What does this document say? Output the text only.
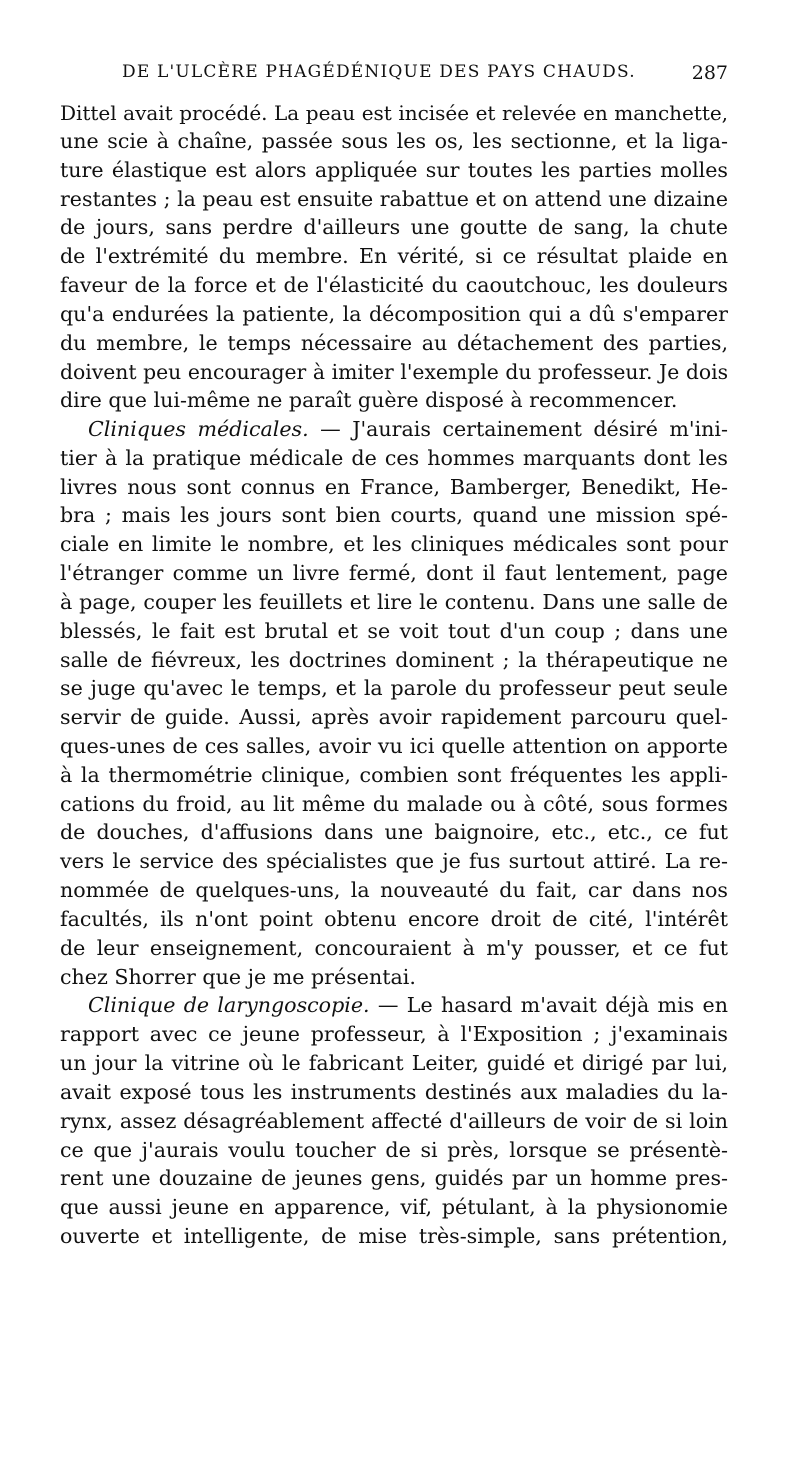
DE L'ULCÈRE PHAGÉDÉNIQUE DES PAYS CHAUDS.	287
Dittel avait procédé. La peau est incisée et relevée en manchette,
une scie à chaîne, passée sous les os, les sectionne, et la liga-
ture élastique est alors appliquée sur toutes les parties molles
restantes ; la peau est ensuite rabattue et on attend une dizaine
de jours, sans perdre d'ailleurs une goutte de sang, la chute
de l'extrémité du membre. En vérité, si ce résultat plaide en
faveur de la force et de l'élasticité du caoutchouc, les douleurs
qu'a endurées la patiente, la décomposition qui a dû s'emparer
du membre, le temps nécessaire au détachement des parties,
doivent peu encourager à imiter l'exemple du professeur. Je dois
dire que lui-même ne paraît guère disposé à recommencer.
Cliniques médicales. — J'aurais certainement désiré m'ini-
tier à la pratique médicale de ces hommes marquants dont les
livres nous sont connus en France, Bamberger, Benedikt, He-
bra ; mais les jours sont bien courts, quand une mission spé-
ciale en limite le nombre, et les cliniques médicales sont pour
l'étranger comme un livre fermé, dont il faut lentement, page
à page, couper les feuillets et lire le contenu. Dans une salle de
blessés, le fait est brutal et se voit tout d'un coup ; dans une
salle de fiévreux, les doctrines dominent ; la thérapeutique ne
se juge qu'avec le temps, et la parole du professeur peut seule
servir de guide. Aussi, après avoir rapidement parcouru quel-
ques-unes de ces salles, avoir vu ici quelle attention on apporte
à la thermométrie clinique, combien sont fréquentes les appli-
cations du froid, au lit même du malade ou à côté, sous formes
de douches, d'affusions dans une baignoire, etc., etc., ce fut
vers le service des spécialistes que je fus surtout attiré. La re-
nommée de quelques-uns, la nouveauté du fait, car dans nos
facultés, ils n'ont point obtenu encore droit de cité, l'intérêt
de leur enseignement, concouraient à m'y pousser, et ce fut
chez Shorrer que je me présentai.
Clinique de laryngoscopie. — Le hasard m'avait déjà mis en
rapport avec ce jeune professeur, à l'Exposition ; j'examinais
un jour la vitrine où le fabricant Leiter, guidé et dirigé par lui,
avait exposé tous les instruments destinés aux maladies du la-
rynx, assez désagréablement affecté d'ailleurs de voir de si loin
ce que j'aurais voulu toucher de si près, lorsque se présentè-
rent une douzaine de jeunes gens, guidés par un homme pres-
que aussi jeune en apparence, vif, pétulant, à la physionomie
ouverte et intelligente, de mise très-simple, sans prétention,
